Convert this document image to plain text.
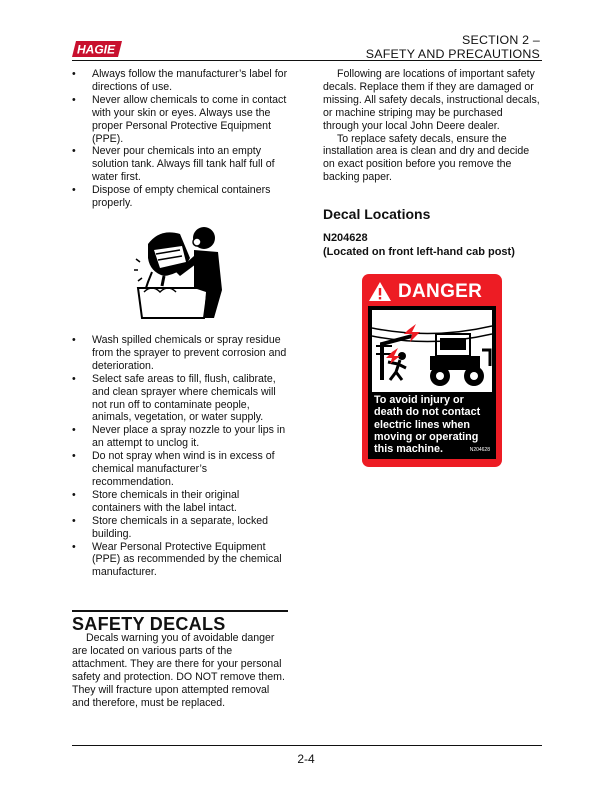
HAGIE
SECTION 2 –
SAFETY AND PRECAUTIONS
• Always follow the manufacturer’s label for directions of use.
• Never allow chemicals to come in contact with your skin or eyes. Always use the proper Personal Protective Equipment (PPE).
• Never pour chemicals into an empty solution tank. Always fill tank half full of water first.
• Dispose of empty chemical containers properly.
• Wash spilled chemicals or spray residue from the sprayer to prevent corrosion and deterioration.
• Select safe areas to fill, flush, calibrate, and clean sprayer where chemicals will not run off to contaminate people, animals, vegetation, or water supply.
• Never place a spray nozzle to your lips in an attempt to unclog it.
• Do not spray when wind is in excess of chemical manufacturer’s recommendation.
• Store chemicals in their original containers with the label intact.
• Store chemicals in a separate, locked building.
• Wear Personal Protective Equipment (PPE) as recommended by the chemical manufacturer.
SAFETY DECALS

Decals warning you of avoidable danger are located on various parts of the attachment. They are there for your personal safety and protection. DO NOT remove them. They will fracture upon attempted removal and therefore, must be replaced.

Following are locations of important safety decals. Replace them if they are damaged or missing. All safety decals, instructional decals, or machine striping may be purchased through your local John Deere dealer.

To replace safety decals, ensure the installation area is clean and dry and decide on exact position before you remove the backing paper.

Decal Locations
N204628
(Located on front left-hand cab post)
DANGER
To avoid injury or death do not contact electric lines when moving or operating this machine.	N204628
2-4
